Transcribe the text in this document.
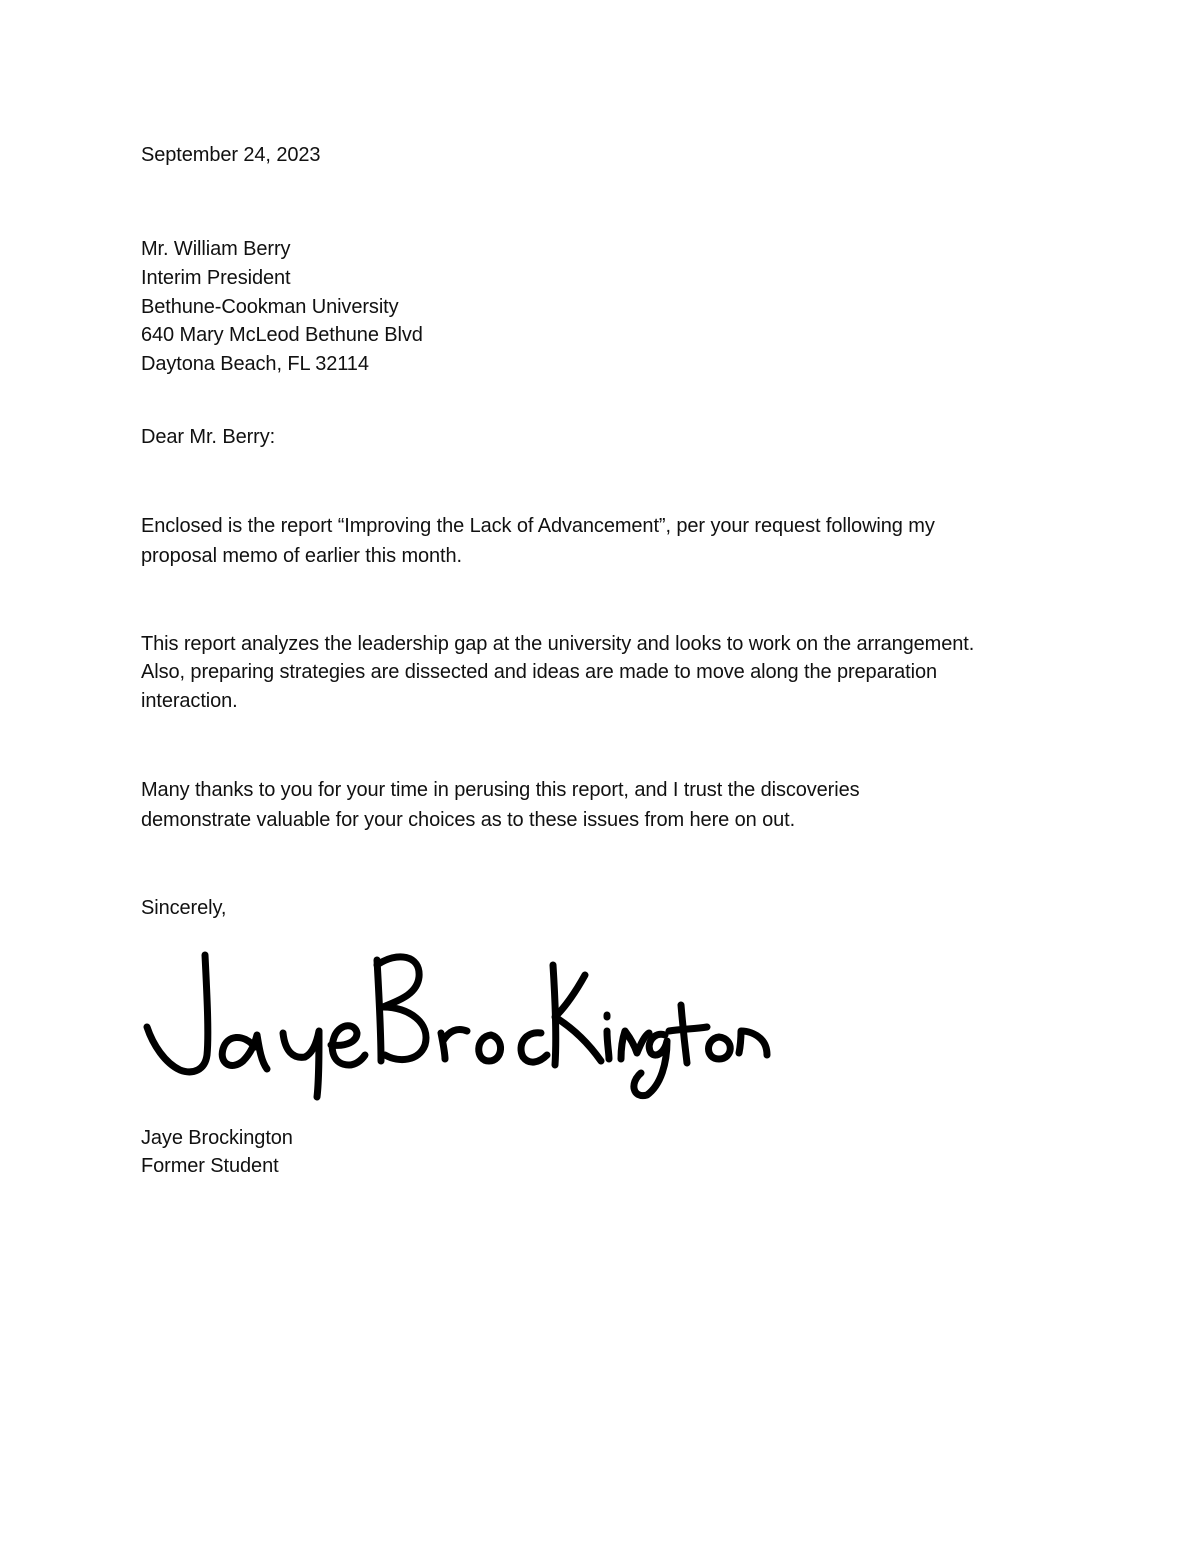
September 24, 2023
Mr. William Berry
Interim President
Bethune-Cookman University
640 Mary McLeod Bethune Blvd
Daytona Beach, FL 32114
Dear Mr. Berry:
Enclosed is the report “Improving the Lack of Advancement”, per your request following my
proposal memo of earlier this month.
This report analyzes the leadership gap at the university and looks to work on the arrangement.
Also, preparing strategies are dissected and ideas are made to move along the preparation
interaction.
Many thanks to you for your time in perusing this report, and I trust the discoveries
demonstrate valuable for your choices as to these issues from here on out.
Sincerely,
Jaye Brockington
Former Student
